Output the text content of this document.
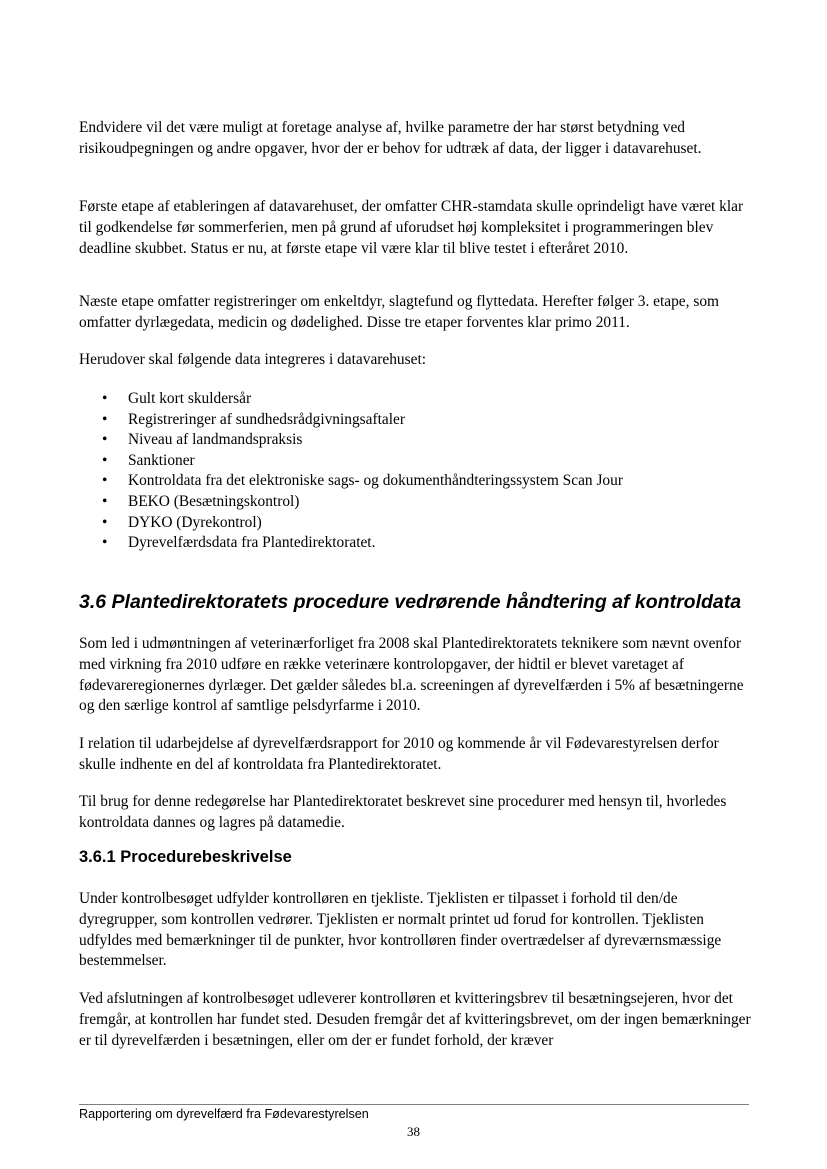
Endvidere vil det være muligt at foretage analyse af, hvilke parametre der har størst betydning ved risikoudpegningen og andre opgaver, hvor der er behov for udtræk af data, der ligger i datavarehuset.

Første etape af etableringen af datavarehuset, der omfatter CHR-stamdata skulle oprindeligt have været klar til godkendelse før sommerferien, men på grund af uforudset høj kompleksitet i programmeringen blev deadline skubbet. Status er nu, at første etape vil være klar til blive testet i efteråret 2010.

Næste etape omfatter registreringer om enkeltdyr, slagtefund og flyttedata. Herefter følger 3. etape, som omfatter dyrlægedata, medicin og dødelighed. Disse tre etaper forventes klar primo 2011.

Herudover skal følgende data integreres i datavarehuset:

• Gult kort skuldersår
• Registreringer af sundhedsrådgivningsaftaler
• Niveau af landmandspraksis
• Sanktioner
• Kontroldata fra det elektroniske sags- og dokumenthåndteringssystem Scan Jour
• BEKO (Besætningskontrol)
• DYKO (Dyrekontrol)
• Dyrevelfærdsdata fra Plantedirektoratet.
3.6 Plantedirektoratets procedure vedrørende håndtering af kontroldata

Som led i udmøntningen af veterinærforliget fra 2008 skal Plantedirektoratets teknikere som nævnt ovenfor med virkning fra 2010 udføre en række veterinære kontrolopgaver, der hidtil er blevet varetaget af fødevareregionernes dyrlæger. Det gælder således bl.a. screeningen af dyrevelfærden i 5% af besætningerne og den særlige kontrol af samtlige pelsdyrfarme i 2010.

I relation til udarbejdelse af dyrevelfærdsrapport for 2010 og kommende år vil Fødevarestyrelsen derfor skulle indhente en del af kontroldata fra Plantedirektoratet.

Til brug for denne redegørelse har Plantedirektoratet beskrevet sine procedurer med hensyn til, hvorledes kontroldata dannes og lagres på datamedie.

3.6.1 Procedurebeskrivelse

Under kontrolbesøget udfylder kontrolløren en tjekliste. Tjeklisten er tilpasset i forhold til den/de dyregrupper, som kontrollen vedrører. Tjeklisten er normalt printet ud forud for kontrollen. Tjeklisten udfyldes med bemærkninger til de punkter, hvor kontrolløren finder overtrædelser af dyreværnsmæssige bestemmelser.

Ved afslutningen af kontrolbesøget udleverer kontrolløren et kvitteringsbrev til besætningsejeren, hvor det fremgår, at kontrollen har fundet sted. Desuden fremgår det af kvitteringsbrevet, om der ingen bemærkninger er til dyrevelfærden i besætningen, eller om der er fundet forhold, der kræver

Rapportering om dyrevelfærd fra Fødevarestyrelsen

38
